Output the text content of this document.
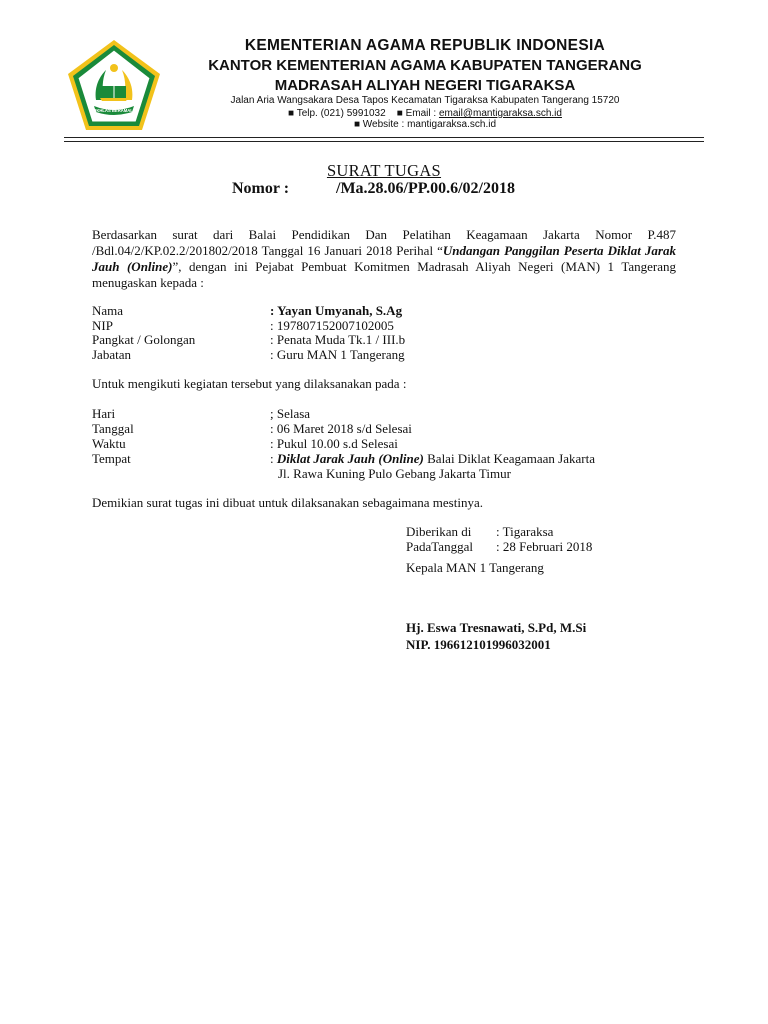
IKHLAS BERAMAL
KEMENTERIAN AGAMA REPUBLIK INDONESIA
KANTOR KEMENTERIAN AGAMA KABUPATEN TANGERANG
MADRASAH ALIYAH NEGERI TIGARAKSA
Jalan Aria Wangsakara Desa Tapos Kecamatan Tigaraksa Kabupaten Tangerang 15720
■ Telp. (021) 5991032 ■ Email : email@mantigaraksa.sch.id
■ Website : mantigaraksa.sch.id
SURAT TUGAS
Nomor :	/Ma.28.06/PP.00.6/02/2018
Berdasarkan surat dari Balai Pendidikan Dan Pelatihan Keagamaan Jakarta Nomor P.487 /Bdl.04/2/KP.02.2/201802/2018 Tanggal 16 Januari 2018 Perihal “Undangan Panggilan Peserta Diklat Jarak Jauh (Online)”, dengan ini Pejabat Pembuat Komitmen Madrasah Aliyah Negeri (MAN) 1 Tangerang menugaskan kepada :
Nama	: Yayan Umyanah, S.Ag
NIP	: 197807152007102005
Pangkat / Golongan	: Penata Muda Tk.1 / III.b
Jabatan	: Guru MAN 1 Tangerang
Untuk mengikuti kegiatan tersebut yang dilaksanakan pada :
Hari	; Selasa
Tanggal	: 06 Maret 2018 s/d Selesai
Waktu	: Pukul 10.00 s.d Selesai
Tempat	: Diklat Jarak Jauh (Online) Balai Diklat Keagamaan Jakarta
Jl. Rawa Kuning Pulo Gebang Jakarta Timur
Demikian surat tugas ini dibuat untuk dilaksanakan sebagaimana mestinya.
Diberikan di : Tigaraksa
PadaTanggal : 28 Februari 2018
Kepala MAN 1 Tangerang
Hj. Eswa Tresnawati, S.Pd, M.Si
NIP. 196612101996032001
